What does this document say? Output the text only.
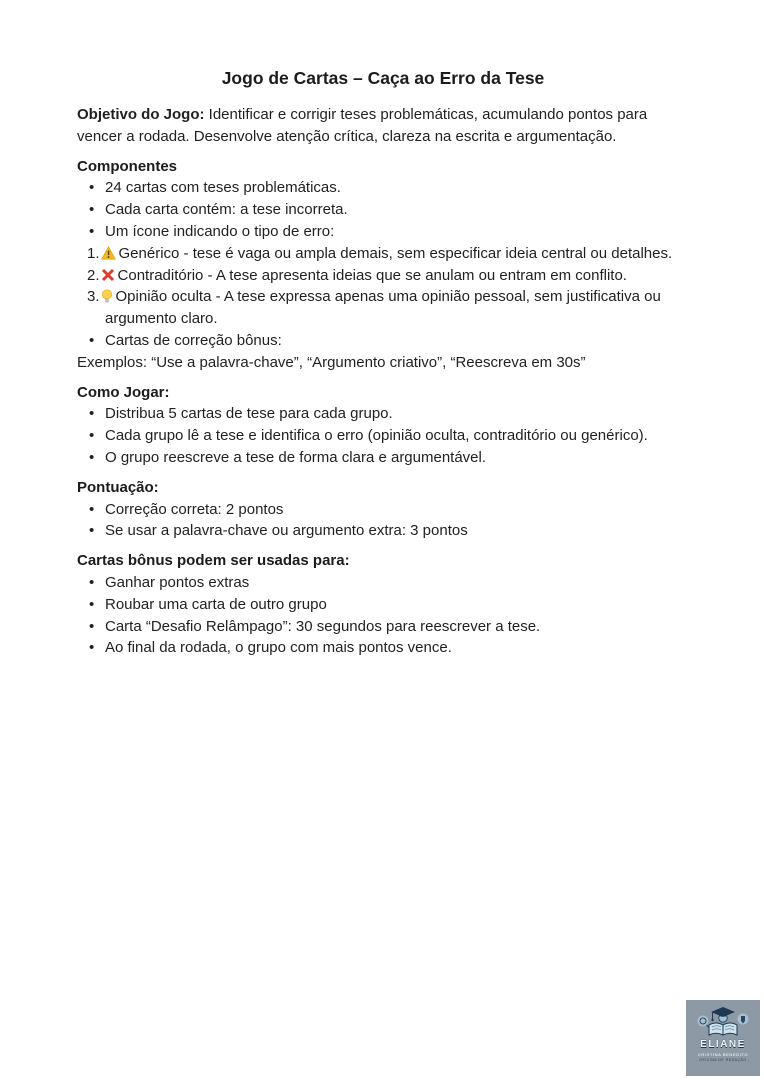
Jogo de Cartas – Caça ao Erro da Tese

Objetivo do Jogo: Identificar e corrigir teses problemáticas, acumulando pontos para vencer a rodada. Desenvolve atenção crítica, clareza na escrita e argumentação.

Componentes
• 24 cartas com teses problemáticas.
• Cada carta contém: a tese incorreta.
• Um ícone indicando o tipo de erro:
1. Genérico - tese é vaga ou ampla demais, sem especificar ideia central ou detalhes.
2. Contraditório - A tese apresenta ideias que se anulam ou entram em conflito.
3. Opinião oculta - A tese expressa apenas uma opinião pessoal, sem justificativa ou argumento claro.
• Cartas de correção bônus:

Exemplos: “Use a palavra-chave”, “Argumento criativo”, “Reescreva em 30s”

Como Jogar:
• Distribua 5 cartas de tese para cada grupo.
• Cada grupo lê a tese e identifica o erro (opinião oculta, contraditório ou genérico).
• O grupo reescreve a tese de forma clara e argumentável.
Pontuação:
• Correção correta: 2 pontos
• Se usar a palavra-chave ou argumento extra: 3 pontos
Cartas bônus podem ser usadas para:
• Ganhar pontos extras
• Roubar uma carta de outro grupo
• Carta “Desafio Relâmpago”: 30 segundos para reescrever a tese.
• Ao final da rodada, o grupo com mais pontos vence.
ELIANE
CRISTINA BENEDITO
- OFICINA DE REDAÇÃO -
